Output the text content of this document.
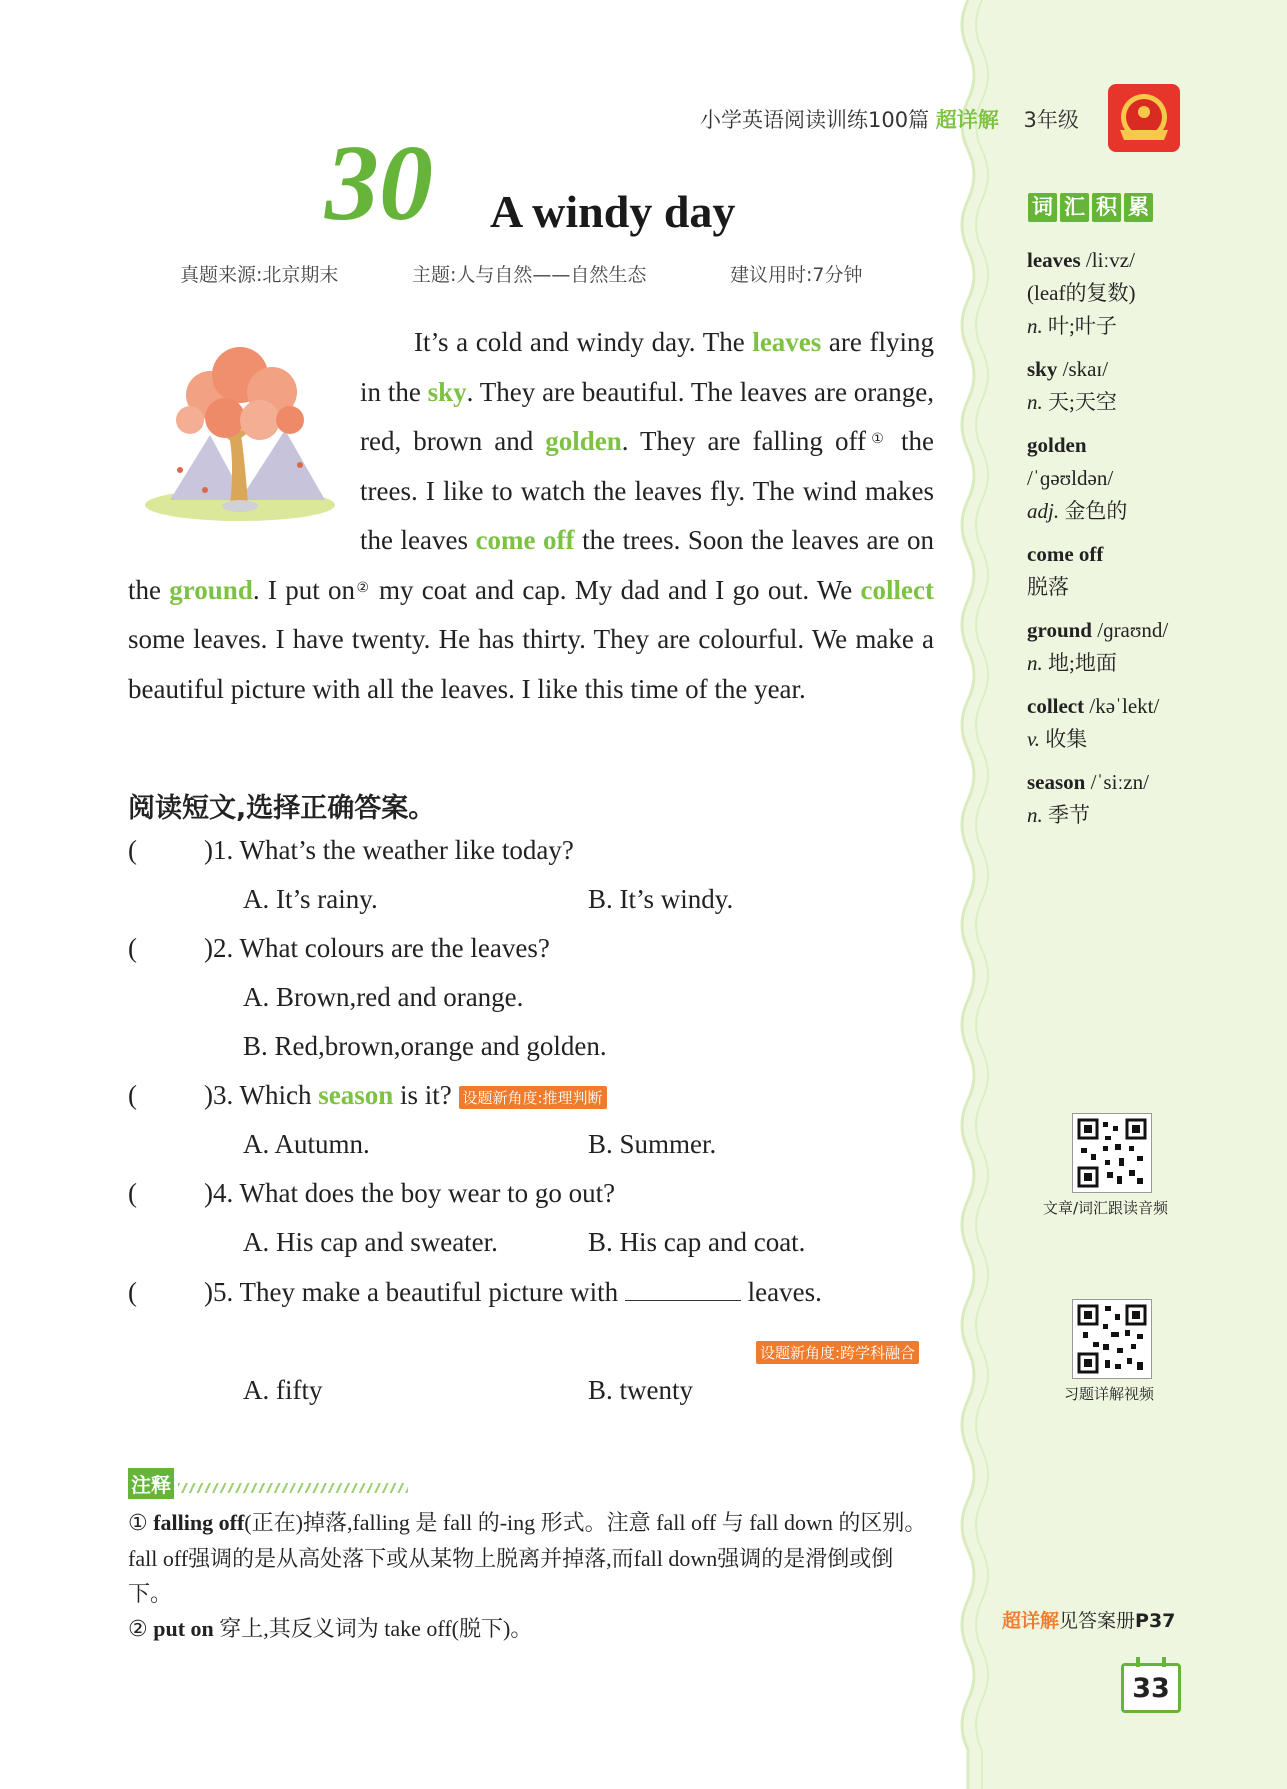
小学英语阅读训练100篇 超详解 3年级
30 A windy day
真题来源:北京期末	主题:人与自然——自然生态	建议用时:7分钟

It’s a cold and windy day. The leaves are flying in the sky. They are beautiful. The leaves are orange, red, brown and golden. They are falling off① the trees. I like to watch the leaves fly. The wind makes the leaves come off the trees. Soon the leaves are on the ground. I put on② my coat and cap. My dad and I go out. We collect some leaves. I have twenty. He has thirty. They are colourful. We make a beautiful picture with all the leaves. I like this time of the year.

阅读短文,选择正确答案。
( )1. What’s the weather like today?
A. It’s rainy.	B. It’s windy.
( )2. What colours are the leaves?
A. Brown,red and orange.
B. Red,brown,orange and golden.
( )3. Which season is it? 设题新角度:推理判断
A. Autumn.	B. Summer.
( )4. What does the boy wear to go out?
A. His cap and sweater.	B. His cap and coat.
( )5. They make a beautiful picture with	leaves.
设题新角度:跨学科融合
A. fifty	B. twenty
注释
① falling off(正在)掉落,falling 是 fall 的-ing 形式。注意 fall off 与 fall down 的区别。fall off强调的是从高处落下或从某物上脱离并掉落,而fall down强调的是滑倒或倒下。
② put on 穿上,其反义词为 take off(脱下)。
词 汇 积 累
leaves /liːvz/
(leaf的复数)
n. 叶;叶子
sky /skaɪ/
n. 天;天空
golden
/ˈɡəʊldən/
adj. 金色的
come off
脱落
ground /ɡraʊnd/
n. 地;地面
collect /kəˈlekt/
v. 收集
season /ˈsiːzn/
n. 季节
文章/词汇跟读音频
习题详解视频
超详解见答案册P37
33
